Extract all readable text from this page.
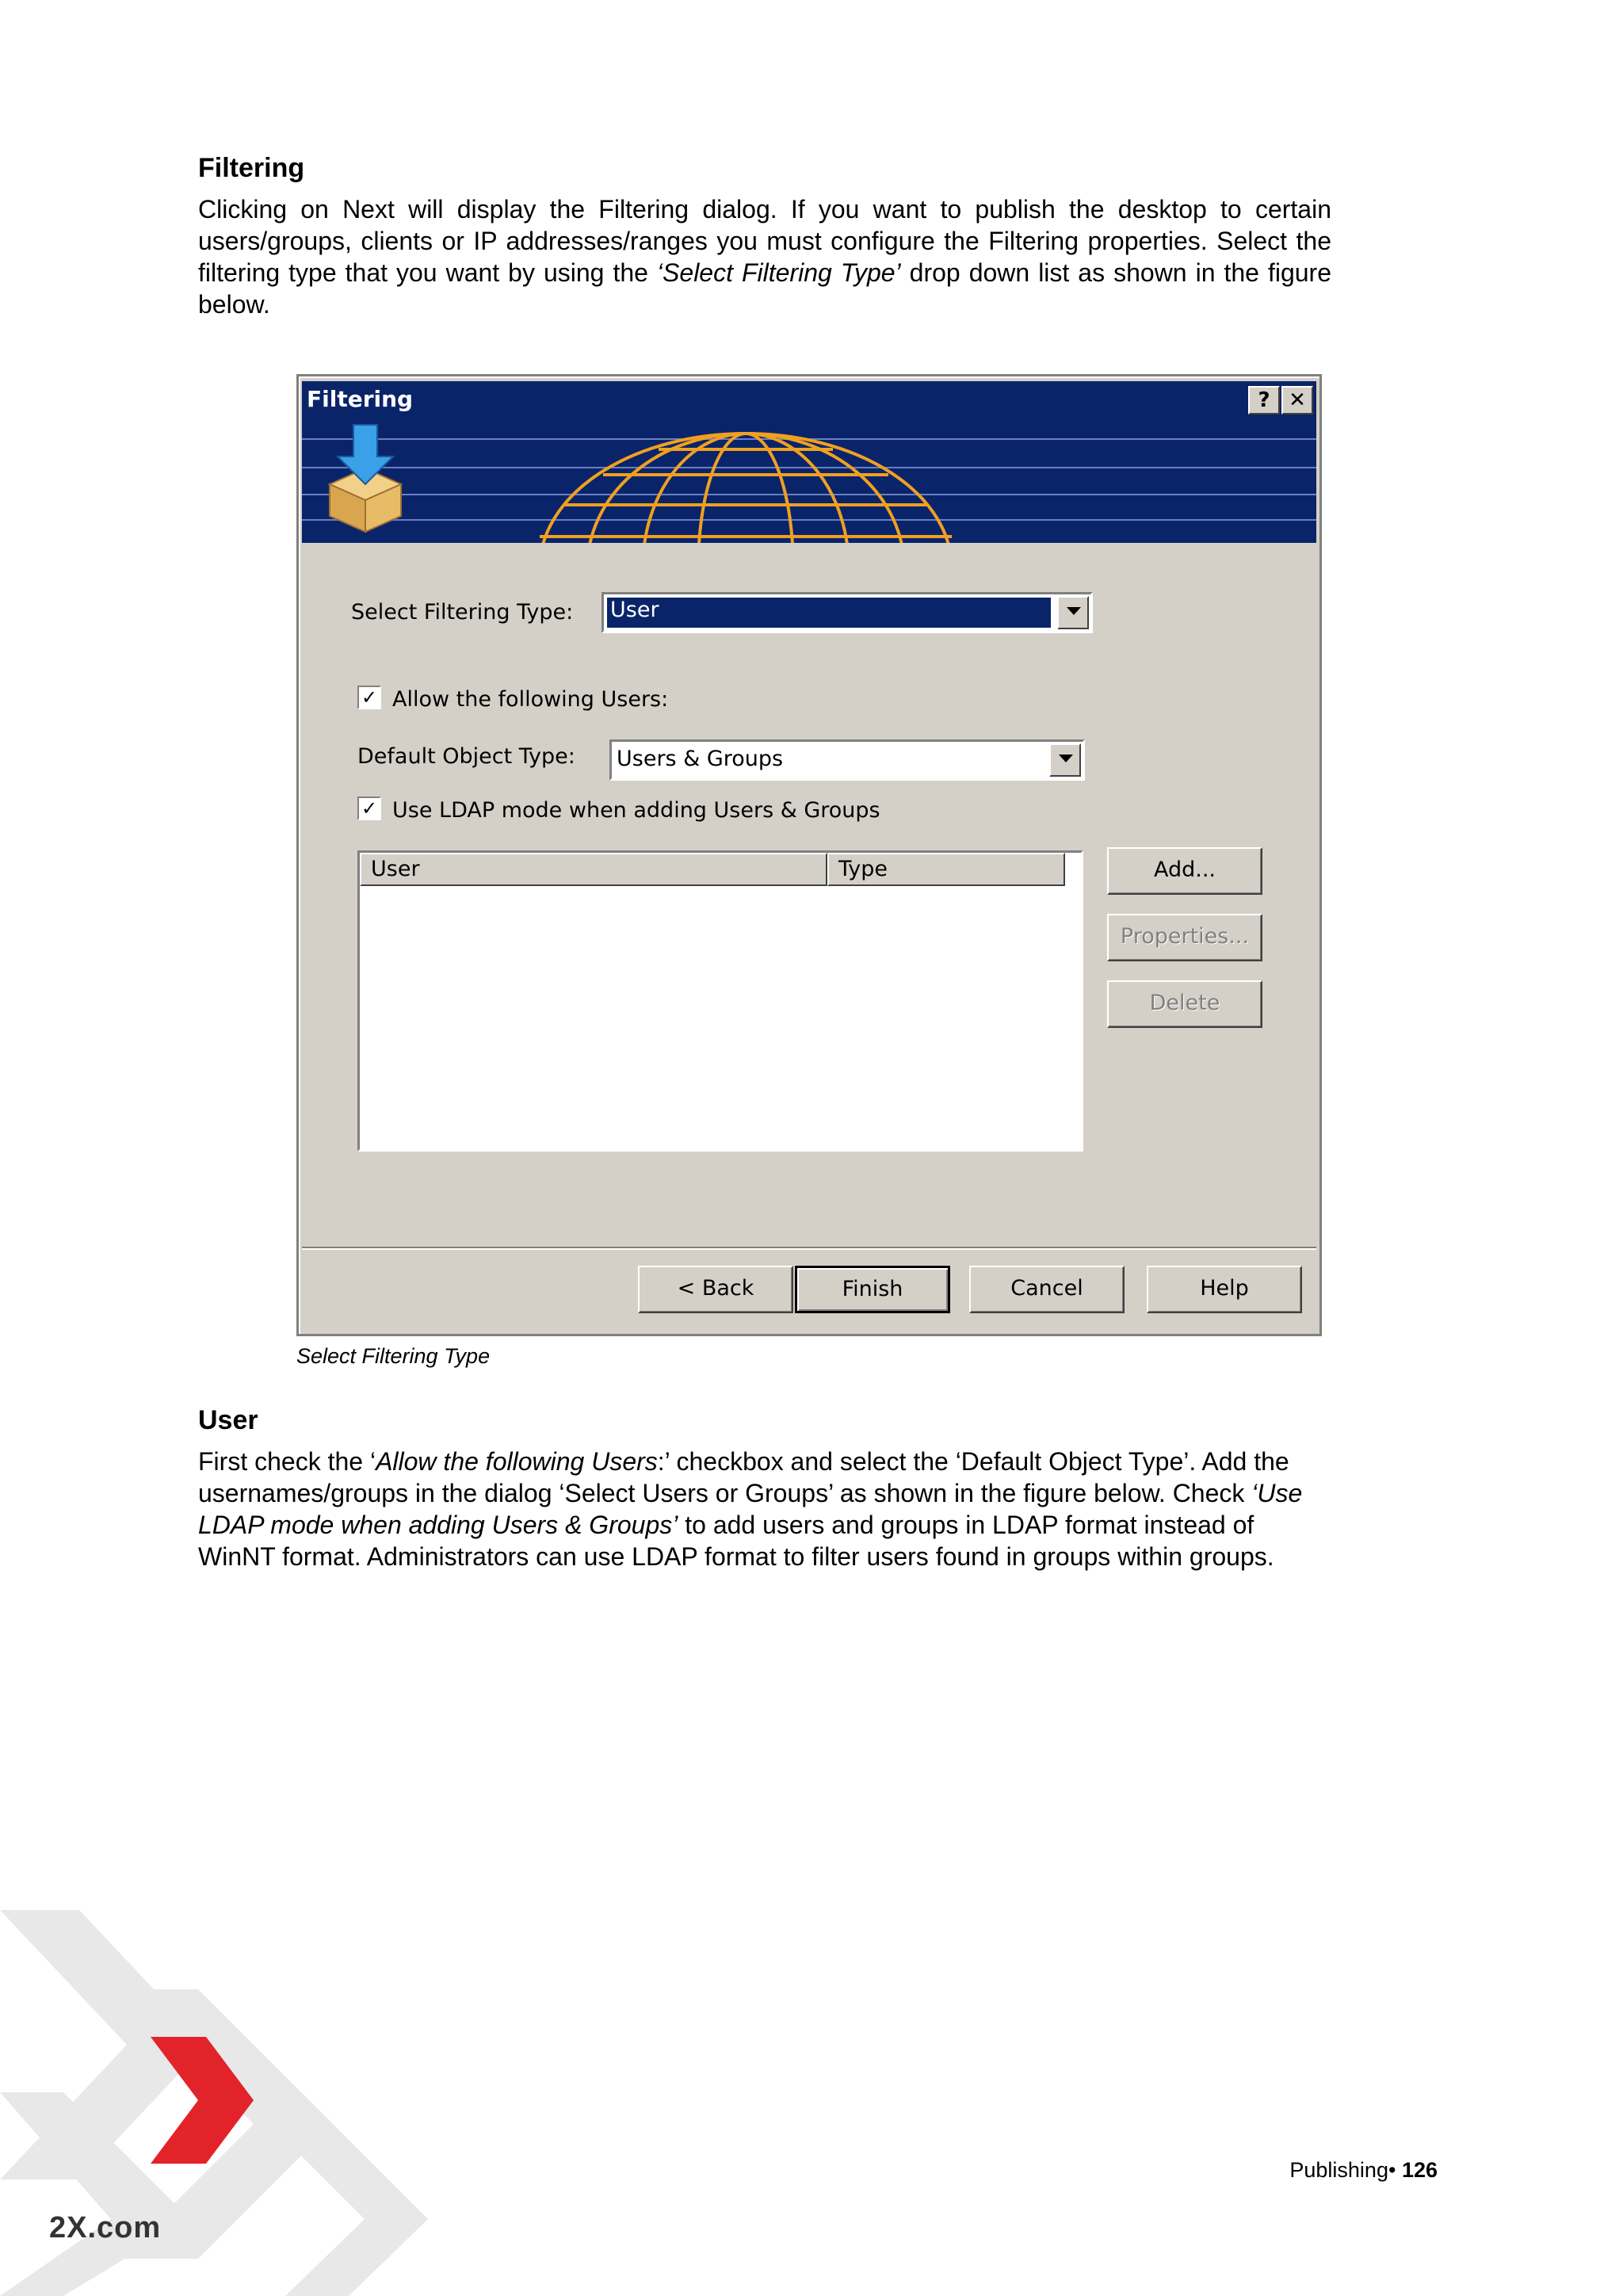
Filtering

Clicking on Next will display the Filtering dialog. If you want to publish the desktop to certain users/groups, clients or IP addresses/ranges you must configure the Filtering properties. Select the filtering type that you want by using the ‘Select Filtering Type’ drop down list as shown in the figure below.

Filtering	? ✕
Select Filtering Type: User
✓ Allow the following Users:
Default Object Type: Users & Groups
✓ Use LDAP mode when adding Users & Groups
User	Type	Add...
Properties...
Delete
< Back	Finish	Cancel	Help
Select Filtering Type
User

First check the ‘Allow the following Users:’ checkbox and select the ‘Default Object Type’. Add the usernames/groups in the dialog ‘Select Users or Groups’ as shown in the figure below. Check ‘Use LDAP mode when adding Users & Groups’ to add users and groups in LDAP format instead of WinNT format. Administrators can use LDAP format to filter users found in groups within groups.

2X.com
Publishing• 126
